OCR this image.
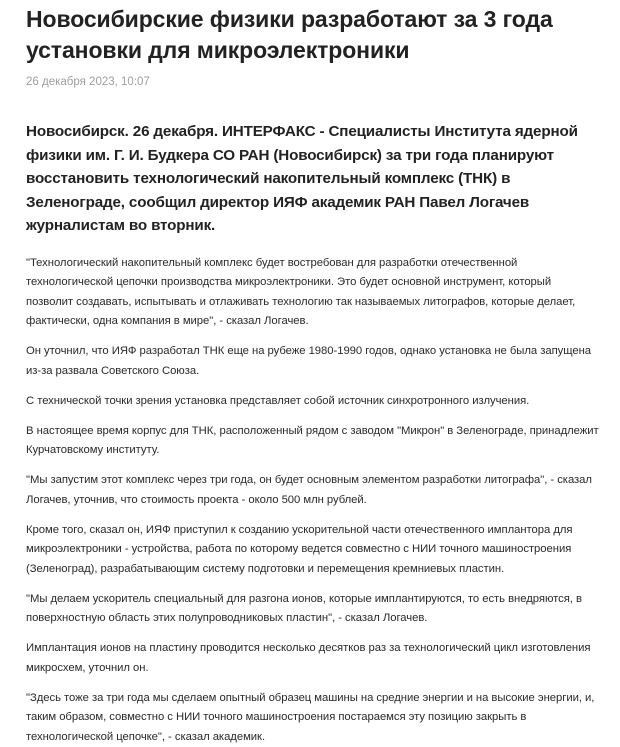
Новосибирские физики разработают за 3 года установки для микроэлектроники
26 декабря 2023, 10:07

Новосибирск. 26 декабря. ИНТЕРФАКС - Специалисты Института ядерной физики им. Г. И. Будкера СО РАН (Новосибирск) за три года планируют восстановить технологический накопительный комплекс (ТНК) в Зеленограде, сообщил директор ИЯФ академик РАН Павел Логачев журналистам во вторник.

"Технологический накопительный комплекс будет востребован для разработки отечественной технологической цепочки производства микроэлектроники. Это будет основной инструмент, который позволит создавать, испытывать и отлаживать технологию так называемых литографов, которые делает, фактически, одна компания в мире", - сказал Логачев.

Он уточнил, что ИЯФ разработал ТНК еще на рубеже 1980-1990 годов, однако установка не была запущена из-за развала Советского Союза.

С технической точки зрения установка представляет собой источник синхротронного излучения.

В настоящее время корпус для ТНК, расположенный рядом с заводом "Микрон" в Зеленограде, принадлежит Курчатовскому институту.

"Мы запустим этот комплекс через три года, он будет основным элементом разработки литографа", - сказал Логачев, уточнив, что стоимость проекта - около 500 млн рублей.

Кроме того, сказал он, ИЯФ приступил к созданию ускорительной части отечественного имплантора для микроэлектроники - устройства, работа по которому ведется совместно с НИИ точного машиностроения (Зеленоград), разрабатывающим систему подготовки и перемещения кремниевых пластин.

"Мы делаем ускоритель специальный для разгона ионов, которые имплантируются, то есть внедряются, в поверхностную область этих полупроводниковых пластин", - сказал Логачев.

Имплантация ионов на пластину проводится несколько десятков раз за технологический цикл изготовления микросхем, уточнил он.

"Здесь тоже за три года мы сделаем опытный образец машины на средние энергии и на высокие энергии, и, таким образом, совместно с НИИ точного машиностроения постараемся эту позицию закрыть в технологической цепочке", - сказал академик.
